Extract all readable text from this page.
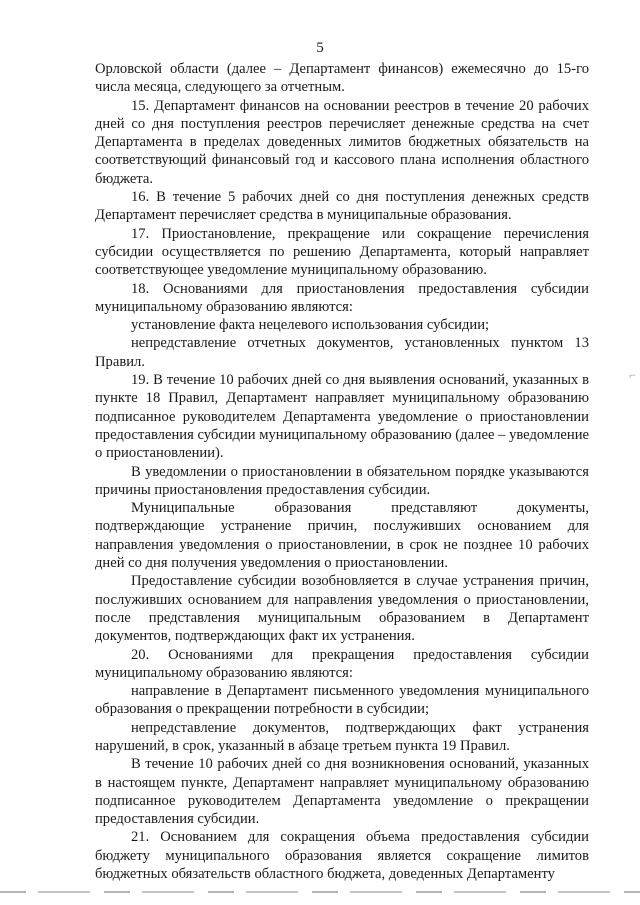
5

Орловской области (далее – Департамент финансов) ежемесячно до 15-го числа месяца, следующего за отчетным.

15. Департамент финансов на основании реестров в течение 20 рабочих дней со дня поступления реестров перечисляет денежные средства на счет Департамента в пределах доведенных лимитов бюджетных обязательств на соответствующий финансовый год и кассового плана исполнения областного бюджета.

16. В течение 5 рабочих дней со дня поступления денежных средств Департамент перечисляет средства в муниципальные образования.

17. Приостановление, прекращение или сокращение перечисления субсидии осуществляется по решению Департамента, который направляет соответствующее уведомление муниципальному образованию.

18. Основаниями для приостановления предоставления субсидии муниципальному образованию являются:

установление факта нецелевого использования субсидии;

непредставление отчетных документов, установленных пунктом 13 Правил.

19. В течение 10 рабочих дней со дня выявления оснований, указанных в пункте 18 Правил, Департамент направляет муниципальному образованию подписанное руководителем Департамента уведомление о приостановлении предоставления субсидии муниципальному образованию (далее – уведомление о приостановлении).

В уведомлении о приостановлении в обязательном порядке указываются причины приостановления предоставления субсидии.

Муниципальные образования представляют документы, подтверждающие устранение причин, послуживших основанием для направления уведомления о приостановлении, в срок не позднее 10 рабочих дней со дня получения уведомления о приостановлении.

Предоставление субсидии возобновляется в случае устранения причин, послуживших основанием для направления уведомления о приостановлении, после представления муниципальным образованием в Департамент документов, подтверждающих факт их устранения.

20. Основаниями для прекращения предоставления субсидии муниципальному образованию являются:

направление в Департамент письменного уведомления муниципального образования о прекращении потребности в субсидии;

непредставление документов, подтверждающих факт устранения нарушений, в срок, указанный в абзаце третьем пункта 19 Правил.

В течение 10 рабочих дней со дня возникновения оснований, указанных в настоящем пункте, Департамент направляет муниципальному образованию подписанное руководителем Департамента уведомление о прекращении предоставления субсидии.

21. Основанием для сокращения объема предоставления субсидии бюджету муниципального образования является сокращение лимитов бюджетных обязательств областного бюджета, доведенных Департаменту

⌐
